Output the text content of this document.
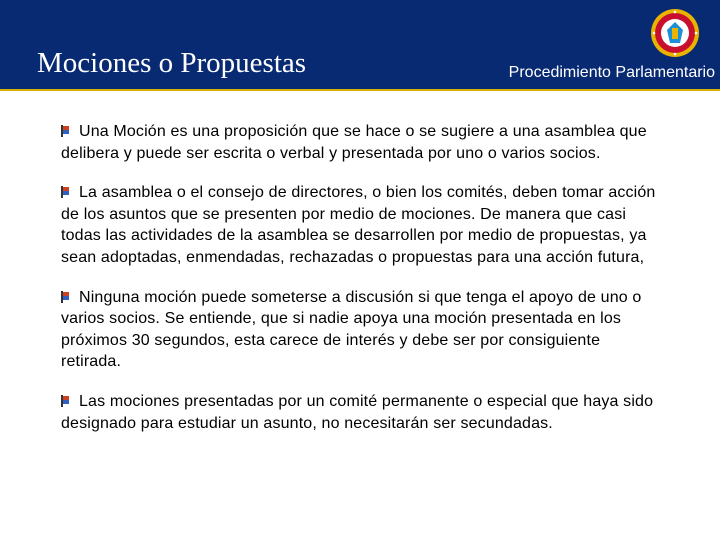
Mociones o Propuestas	Procedimiento Parlamentario
Una Moción es una proposición que se hace o se sugiere a una asamblea que delibera y puede ser escrita o verbal y presentada por uno o varios socios.
La asamblea o el consejo de directores, o bien los comités, deben tomar acción de los asuntos que se presenten por medio de mociones. De manera que casi todas las actividades de la asamblea se desarrollen por medio de propuestas, ya sean adoptadas, enmendadas, rechazadas o propuestas para una acción futura,
Ninguna moción puede someterse a discusión si que tenga el apoyo de uno o varios socios. Se entiende, que si nadie apoya una moción presentada en los próximos 30 segundos, esta carece de interés y debe ser por consiguiente retirada.
Las mociones presentadas por un comité permanente o especial que haya sido designado para estudiar un asunto, no necesitarán ser secundadas.
